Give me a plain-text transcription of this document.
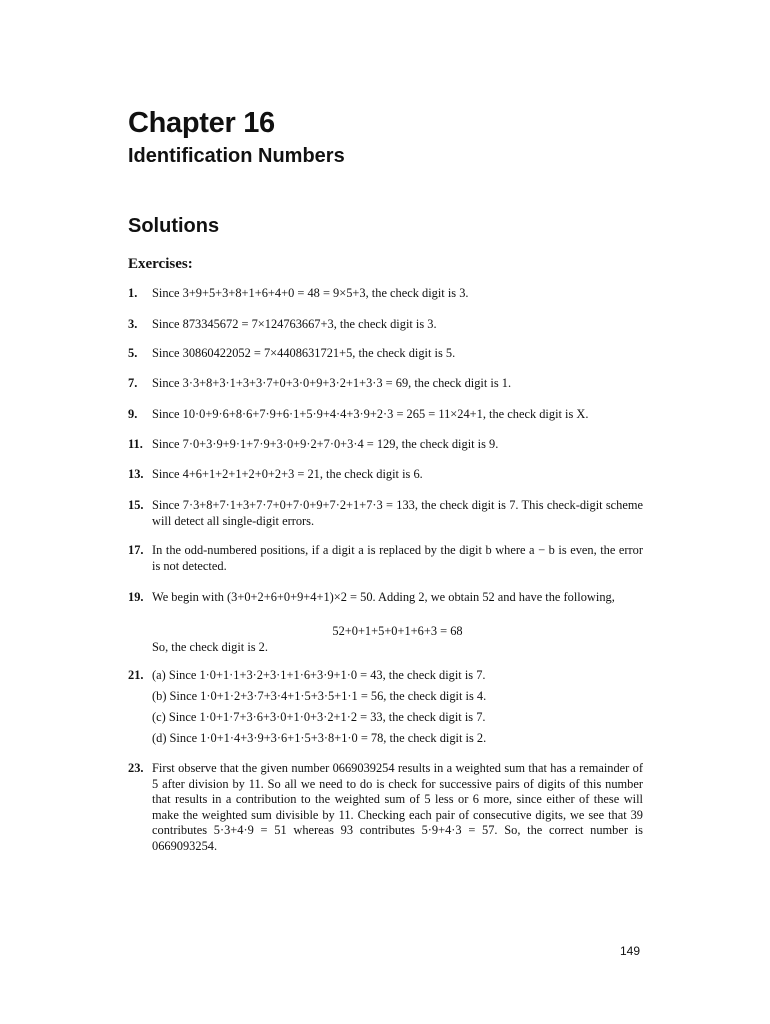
Chapter 16
Identification Numbers
Solutions
Exercises:
1. Since 3+9+5+3+8+1+6+4+0 = 48 = 9×5+3, the check digit is 3.
3. Since 873345672 = 7×124763667+3, the check digit is 3.
5. Since 30860422052 = 7×4408631721+5, the check digit is 5.
7. Since 3·3+8+3·1+3+3·7+0+3·0+9+3·2+1+3·3 = 69, the check digit is 1.
9. Since 10·0+9·6+8·6+7·9+6·1+5·9+4·4+3·9+2·3 = 265 = 11×24+1, the check digit is X.
11. Since 7·0+3·9+9·1+7·9+3·0+9·2+7·0+3·4 = 129, the check digit is 9.
13. Since 4+6+1+2+1+2+0+2+3 = 21, the check digit is 6.
15. Since 7·3+8+7·1+3+7·7+0+7·0+9+7·2+1+7·3 = 133, the check digit is 7. This check-digit scheme will detect all single-digit errors.
17. In the odd-numbered positions, if a digit a is replaced by the digit b where a − b is even, the error is not detected.
19. We begin with (3+0+2+6+0+9+4+1)×2 = 50. Adding 2, we obtain 52 and have the following,
52+0+1+5+0+1+6+3 = 68
So, the check digit is 2.
21. (a) Since 1·0+1·1+3·2+3·1+1·6+3·9+1·0 = 43, the check digit is 7.
(b) Since 1·0+1·2+3·7+3·4+1·5+3·5+1·1 = 56, the check digit is 4.
(c) Since 1·0+1·7+3·6+3·0+1·0+3·2+1·2 = 33, the check digit is 7.
(d) Since 1·0+1·4+3·9+3·6+1·5+3·8+1·0 = 78, the check digit is 2.
23. First observe that the given number 0669039254 results in a weighted sum that has a remainder of 5 after division by 11. So all we need to do is check for successive pairs of digits of this number that results in a contribution to the weighted sum of 5 less or 6 more, since either of these will make the weighted sum divisible by 11. Checking each pair of consecutive digits, we see that 39 contributes 5·3+4·9 = 51 whereas 93 contributes 5·9+4·3 = 57. So, the correct number is 0669093254.
149
